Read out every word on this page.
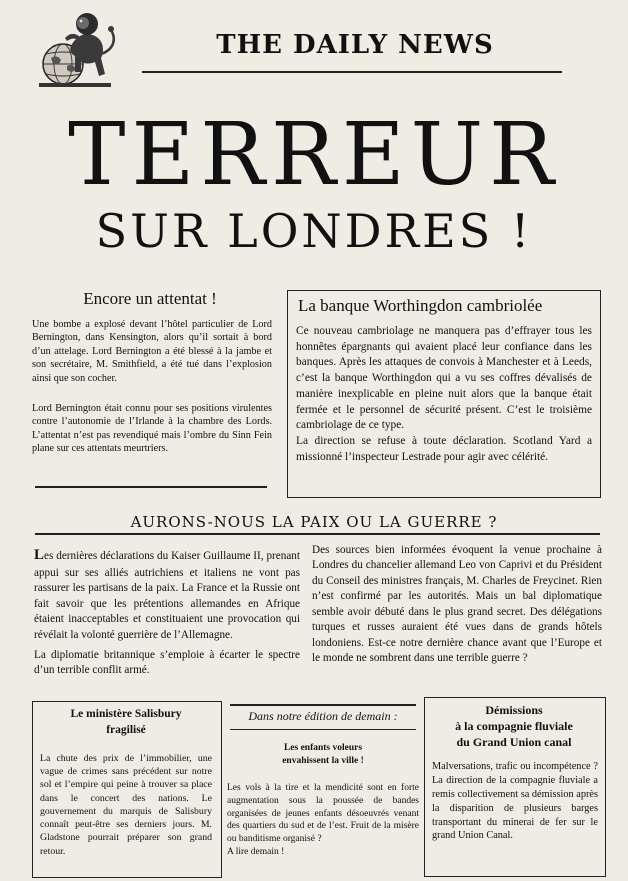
THE DAILY NEWS
TERREUR
SUR LONDRES !
Encore un attentat !
Une bombe a explosé devant l’hôtel particulier de Lord Bernington, dans Kensington, alors qu’il sortait à bord d’un attelage. Lord Bernington a été blessé à la jambe et son secrétaire, M. Smithfield, a été tué dans l’explosion ainsi que son cocher.
Lord Bernington était connu pour ses positions virulentes contre l’autonomie de l’Irlande à la chambre des Lords. L’attentat n’est pas revendiqué mais l’ombre du Sinn Fein plane sur ces attentats meurtriers.
La banque Worthingdon cambriolée

Ce nouveau cambriolage ne manquera pas d’effrayer tous les honnêtes épargnants qui avaient placé leur confiance dans les banques. Après les attaques de convois à Manchester et à Leeds, c’est la banque Worthingdon qui a vu ses coffres dévalisés de manière inexplicable en pleine nuit alors que la banque était fermée et le personnel de sécurité présent. C’est le troisième cambriolage de ce type.

La direction se refuse à toute déclaration. Scotland Yard a missionné l’inspecteur Lestrade pour agir avec célérité.

AURONS-NOUS LA PAIX OU LA GUERRE ?

Les dernières déclarations du Kaiser Guillaume II, prenant appui sur ses alliés autrichiens et italiens ne vont pas rassurer les partisans de la paix. La France et la Russie ont fait savoir que les prétentions allemandes en Afrique étaient inacceptables et constituaient une provocation qui révélait la volonté guerrière de l’Allemagne.

La diplomatie britannique s’emploie à écarter le spectre d’un terrible conflit armé.

Des sources bien informées évoquent la venue prochaine à Londres du chancelier allemand Leo von Caprivi et du Président du Conseil des ministres français, M. Charles de Freycinet. Rien n’est confirmé par les autorités. Mais un bal diplomatique semble avoir débuté dans le plus grand secret. Des délégations turques et russes auraient été vues dans de grands hôtels londoniens. Est-ce notre dernière chance avant que l’Europe et le monde ne sombrent dans une terrible guerre ?
Le ministère Salisbury
fragilisé
La chute des prix de l’immobilier, une vague de crimes sans précédent sur notre sol et l’empire qui peine à trouver sa place dans le concert des nations. Le gouvernement du marquis de Salisbury connaît peut-être ses derniers jours. M. Gladstone pourrait préparer son grand retour.
Dans notre édition de demain :
Les enfants voleurs
envahissent la ville !
Les vols à la tire et la mendicité sont en forte augmentation sous la poussée de bandes organisées de jeunes enfants désoeuvrés venant des quartiers du sud et de l’est. Fruit de la misère ou banditisme organisé ?
A lire demain !
Démissions
à la compagnie fluviale
du Grand Union canal
Malversations, trafic ou incompétence ? La direction de la compagnie fluviale a remis collectivement sa démission après la disparition de plusieurs barges transportant du minerai de fer sur le grand Union Canal.
